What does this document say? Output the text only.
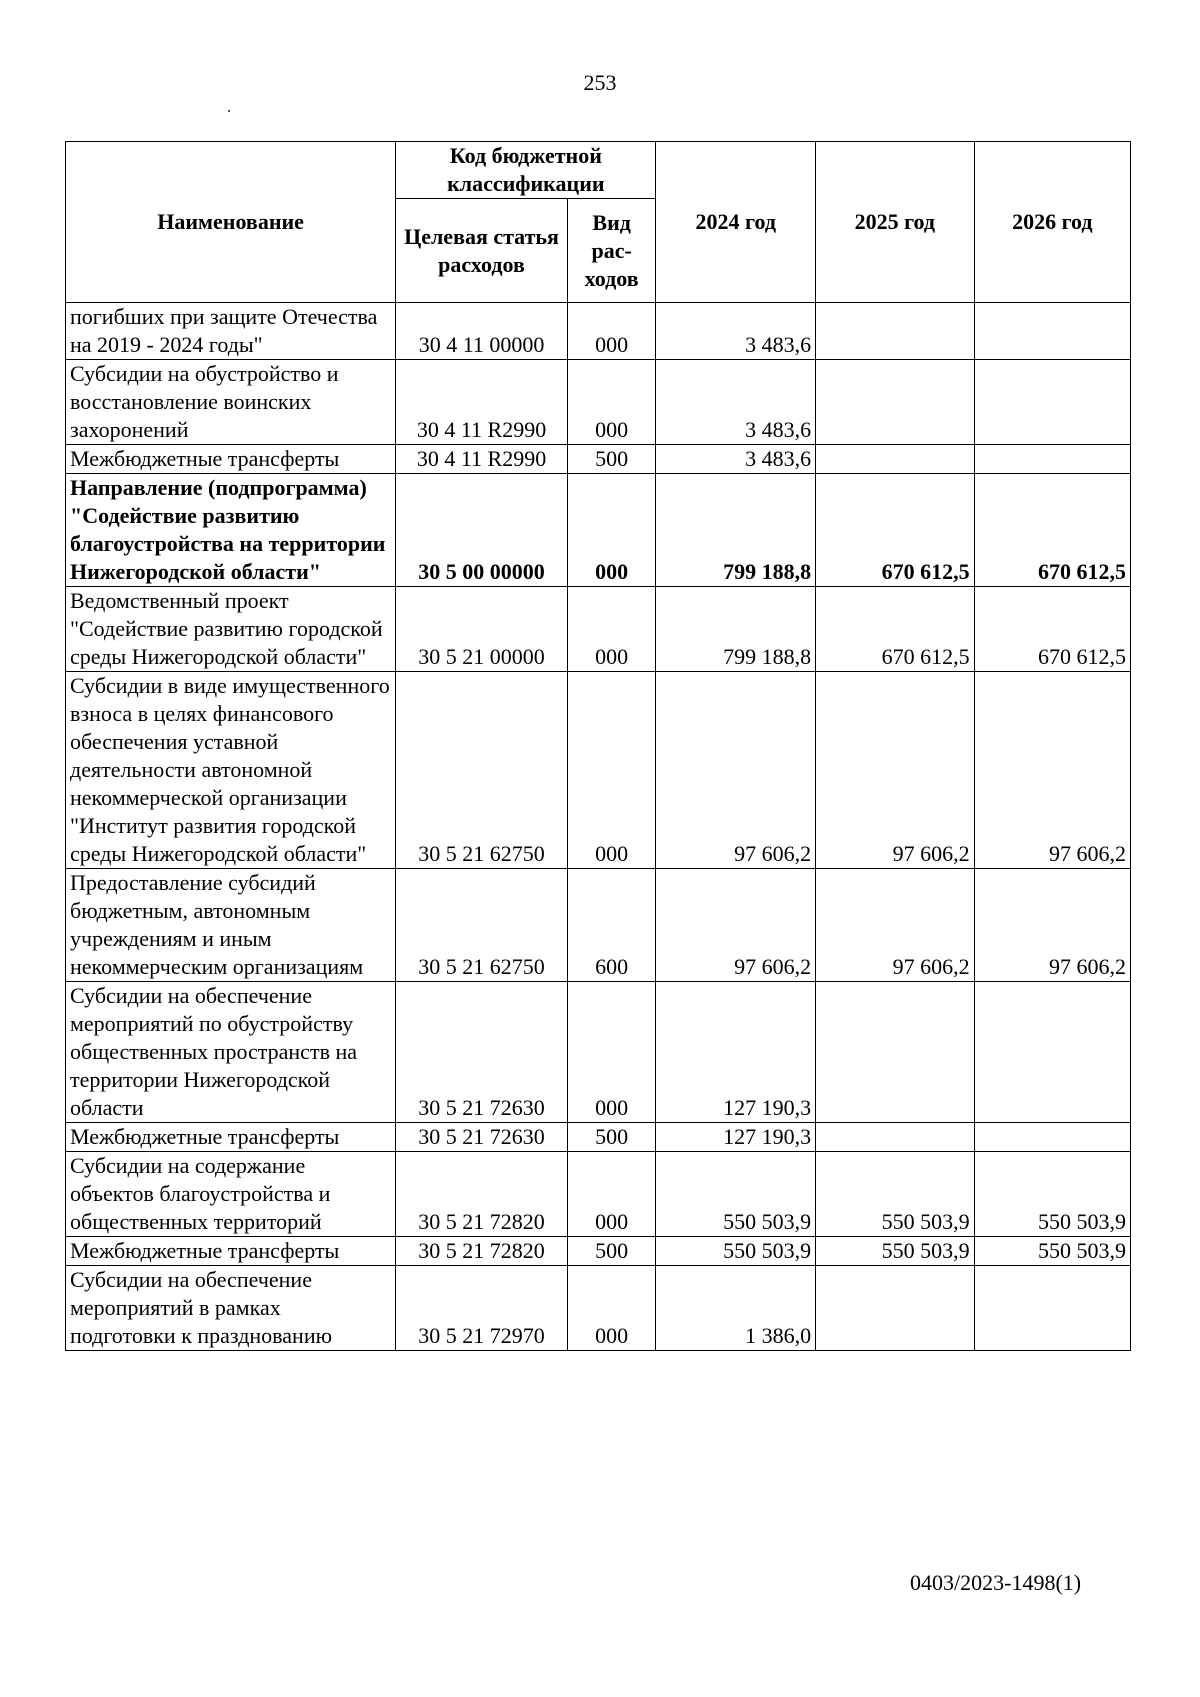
253
Наименование	Код бюджетной классификации		2024 год	2025 год	2026 год
	Целевая статья расходов	Вид рас-ходов			
погибших при защите Отечества на 2019 - 2024 годы"	30 4 11 00000	000	3 483,6		
Субсидии на обустройство и восстановление воинских захоронений	30 4 11 R2990	000	3 483,6		
Межбюджетные трансферты	30 4 11 R2990	500	3 483,6		
Направление (подпрограмма) "Содействие развитию благоустройства на территории Нижегородской области"	30 5 00 00000	000	799 188,8	670 612,5	670 612,5
Ведомственный проект "Содействие развитию городской среды Нижегородской области"	30 5 21 00000	000	799 188,8	670 612,5	670 612,5
Субсидии в виде имущественного взноса в целях финансового обеспечения уставной деятельности автономной некоммерческой организации "Институт развития городской среды Нижегородской области"	30 5 21 62750	000	97 606,2	97 606,2	97 606,2
Предоставление субсидий бюджетным, автономным учреждениям и иным некоммерческим организациям	30 5 21 62750	600	97 606,2	97 606,2	97 606,2
Субсидии на обеспечение мероприятий по обустройству общественных пространств на территории Нижегородской области	30 5 21 72630	000	127 190,3		
Межбюджетные трансферты	30 5 21 72630	500	127 190,3		
Субсидии на содержание объектов благоустройства и общественных территорий	30 5 21 72820	000	550 503,9	550 503,9	550 503,9
Межбюджетные трансферты	30 5 21 72820	500	550 503,9	550 503,9	550 503,9
Субсидии на обеспечение мероприятий в рамках подготовки к празднованию	30 5 21 72970	000	1 386,0		
0403/2023-1498(1)
